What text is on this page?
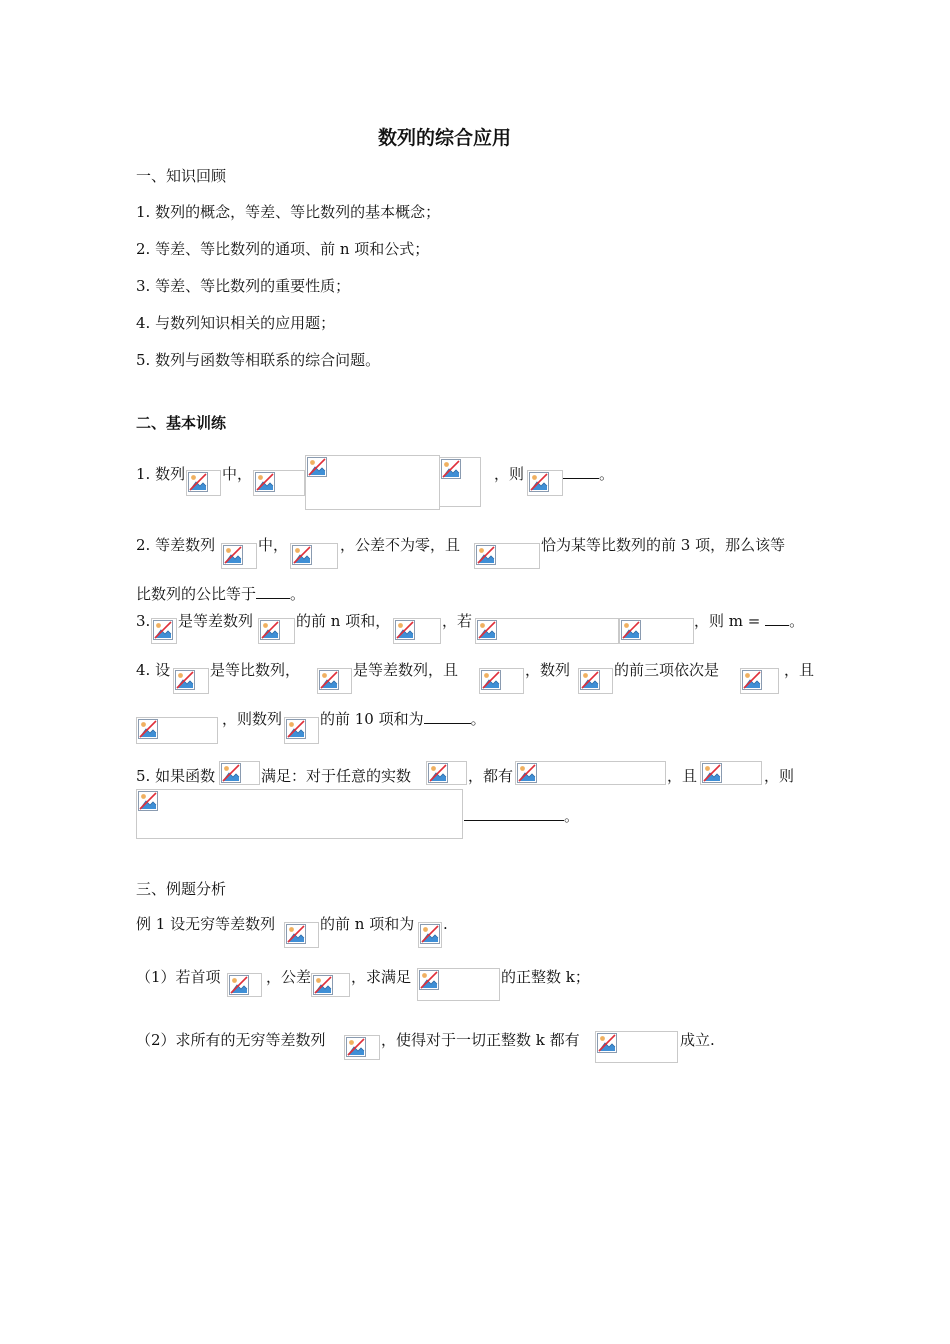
数列的综合应用
一、知识回顾
1. 数列的概念，等差、等比数列的基本概念；
2. 等差、等比数列的通项、前 n 项和公式；
3. 等差、等比数列的重要性质；
4. 与数列知识相关的应用题；
5. 数列与函数等相联系的综合问题。
二、基本训练
1. 数列 中，	，则	。
2. 等差数列	中，	，公差不为零，且	恰为某等比数列的前 3 项，那么该等
比数列的公比等于 。
3. 是等差数列	的前 n 项和，	，若	，则 m = 。
4. 设	是等比数列，	是等差数列，且	，数列	的前三项依次是	，且
，则数列	的前 10 项和为	。
5. 如果函数	满足：对于任意的实数	，都有	，且	，则
。
三、例题分析
例 1 设无穷等差数列	的前 n 项和为 .
（1）若首项	，公差	，求满足	的正整数 k；
（2）求所有的无穷等差数列	，使得对于一切正整数 k 都有	成立.
